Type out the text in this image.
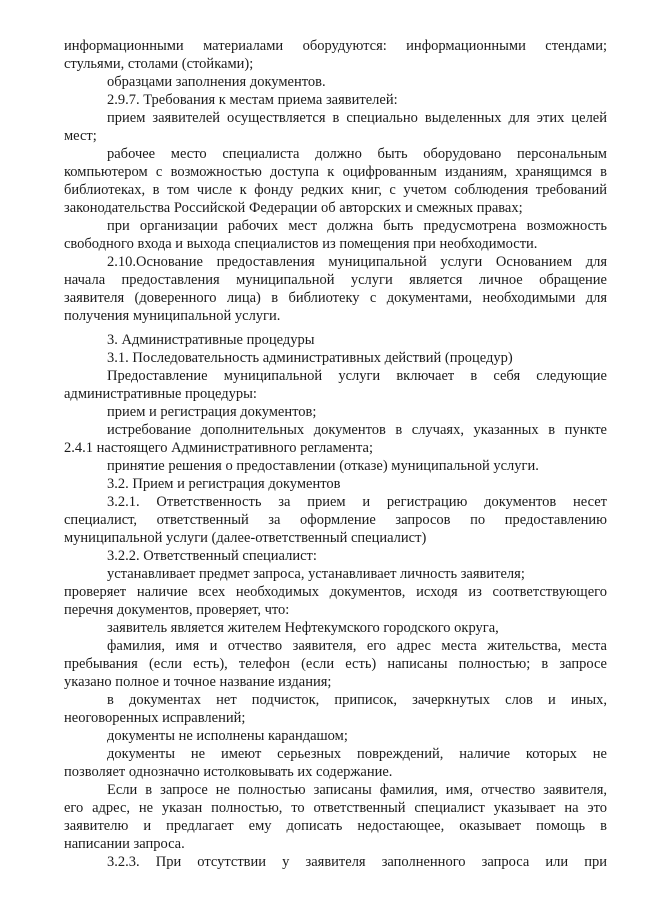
информационными материалами оборудуются: информационными стендами;
стульями, столами (стойками);
образцами заполнения документов.
2.9.7. Требования к местам приема заявителей:
прием заявителей осуществляется в специально выделенных для этих целей
мест;
рабочее место специалиста должно быть оборудовано персональным
компьютером с возможностью доступа к оцифрованным изданиям, хранящимся в
библиотеках, в том числе к фонду редких книг, с учетом соблюдения требований
законодательства Российской Федерации об авторских и смежных правах;
при организации рабочих мест должна быть предусмотрена возможность
свободного входа и выхода специалистов из помещения при необходимости.
2.10.Основание предоставления муниципальной услуги Основанием для
начала предоставления муниципальной услуги является личное обращение
заявителя (доверенного лица) в библиотеку с документами, необходимыми для
получения муниципальной услуги.
3. Административные процедуры
3.1. Последовательность административных действий (процедур)
Предоставление муниципальной услуги включает в себя следующие
административные процедуры:
прием и регистрация документов;
истребование дополнительных документов в случаях, указанных в пункте
2.4.1 настоящего Административного регламента;
принятие решения о предоставлении (отказе) муниципальной услуги.
3.2. Прием и регистрация документов
3.2.1. Ответственность за прием и регистрацию документов несет
специалист, ответственный за оформление запросов по предоставлению
муниципальной услуги (далее-ответственный специалист)
3.2.2. Ответственный специалист:
устанавливает предмет запроса, устанавливает личность заявителя;
проверяет наличие всех необходимых документов, исходя из соответствующего
перечня документов, проверяет, что:
заявитель является жителем Нефтекумского городского округа,
фамилия, имя и отчество заявителя, его адрес места жительства, места
пребывания (если есть), телефон (если есть) написаны полностью; в запросе
указано полное и точное название издания;
в документах нет подчисток, приписок, зачеркнутых слов и иных,
неоговоренных исправлений;
документы не исполнены карандашом;
документы не имеют серьезных повреждений, наличие которых не
позволяет однозначно истолковывать их содержание.
Если в запросе не полностью записаны фамилия, имя, отчество заявителя,
его адрес, не указан полностью, то ответственный специалист указывает на это
заявителю и предлагает ему дописать недостающее, оказывает помощь в
написании запроса.
3.2.3. При отсутствии у заявителя заполненного запроса или при
